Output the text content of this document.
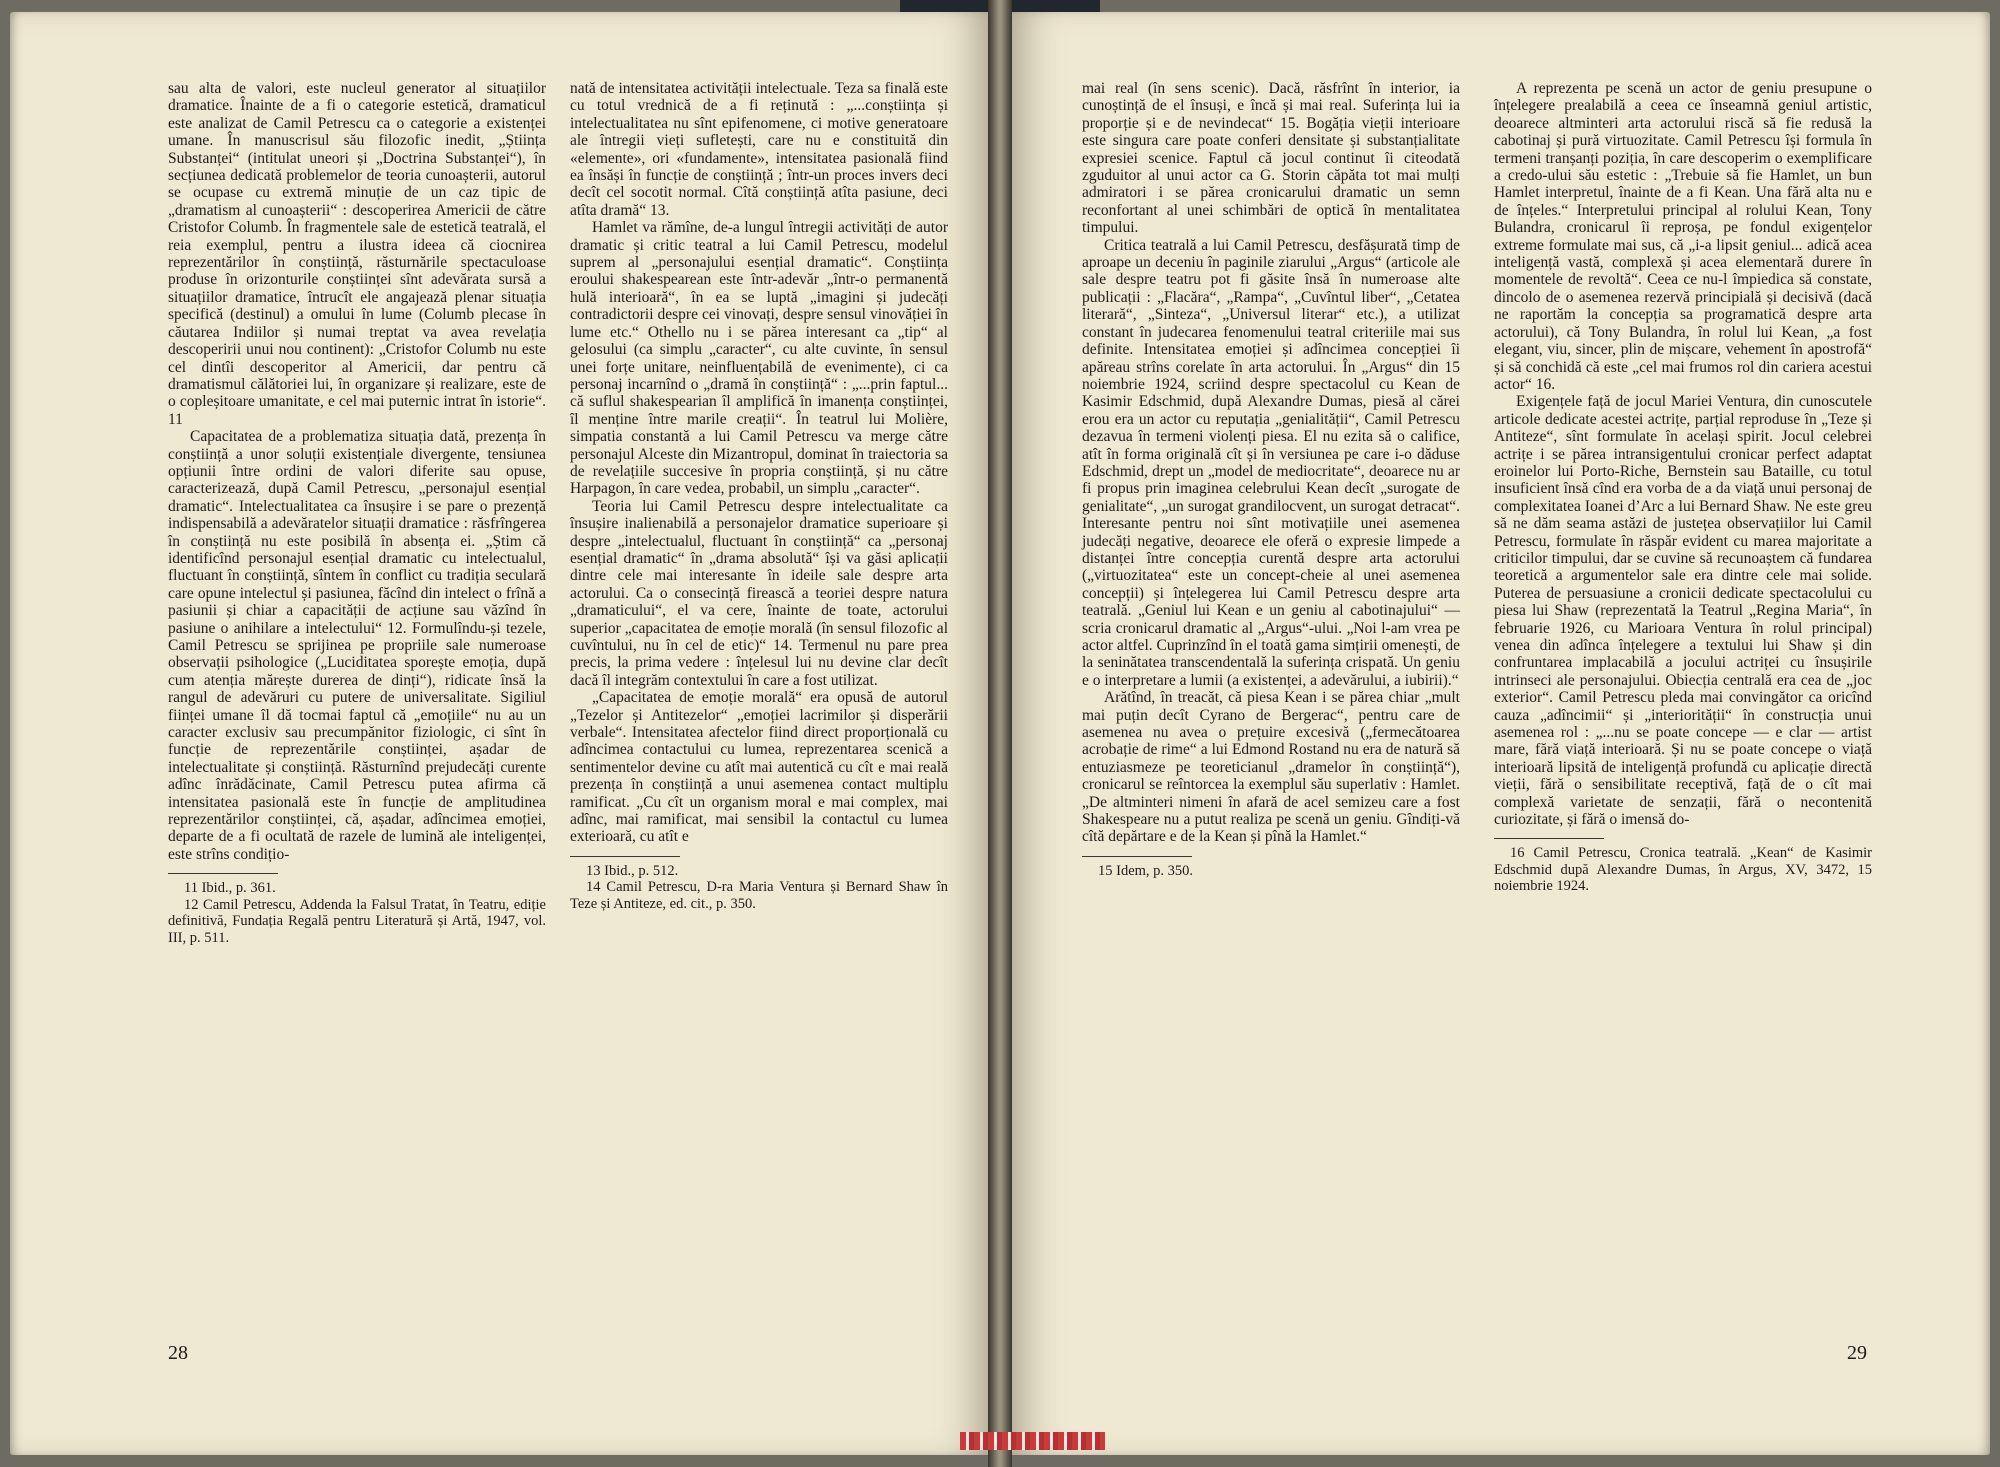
sau alta de valori, este nucleul generator al situațiilor dramatice. Înainte de a fi o categorie estetică, dramaticul este analizat de Camil Petrescu ca o categorie a existenței umane. În manuscrisul său filozofic inedit, „Știința Substanței“ (intitulat uneori și „Doctrina Substanței“), în secțiunea dedicată problemelor de teoria cunoașterii, autorul se ocupase cu extremă minuție de un caz tipic de „dramatism al cunoașterii“ : descoperirea Americii de către Cristofor Columb. În fragmentele sale de estetică teatrală, el reia exemplul, pentru a ilustra ideea că ciocnirea reprezentărilor în conștiință, răsturnările spectaculoase produse în orizonturile conștiinței sînt adevărata sursă a situațiilor dramatice, întrucît ele angajează plenar situația specifică (destinul) a omului în lume (Columb plecase în căutarea Indiilor și numai treptat va avea revelația descoperirii unui nou continent): „Cristofor Columb nu este cel dintîi descoperitor al Americii, dar pentru că dramatismul călătoriei lui, în organizare și realizare, este de o copleșitoare umanitate, e cel mai puternic intrat în istorie“. 11

Capacitatea de a problematiza situația dată, prezența în conștiință a unor soluții existențiale divergente, tensiunea opțiunii între ordini de valori diferite sau opuse, caracterizează, după Camil Petrescu, „personajul esențial dramatic“. Intelectualitatea ca însușire i se pare o prezență indispensabilă a adevăratelor situații dramatice : răsfrîngerea în conștiință nu este posibilă în absența ei. „Știm că identificînd personajul esențial dramatic cu intelectualul, fluctuant în conștiință, sîntem în conflict cu tradiția seculară care opune intelectul și pasiunea, făcînd din intelect o frînă a pasiunii și chiar a capacității de acțiune sau văzînd în pasiune o anihilare a intelectului“ 12. Formulîndu-și tezele, Camil Petrescu se sprijinea pe propriile sale numeroase observații psihologice („Luciditatea sporește emoția, după cum atenția mărește durerea de dinți“), ridicate însă la rangul de adevăruri cu putere de universalitate. Sigiliul ființei umane îl dă tocmai faptul că „emoțiile“ nu au un caracter exclusiv sau precumpănitor fiziologic, ci sînt în funcție de reprezentările conștiinței, așadar de intelectualitate și conștiință. Răsturnînd prejudecăți curente adînc înrădăcinate, Camil Petrescu putea afirma că intensitatea pasională este în funcție de amplitudinea reprezentărilor conștiinței, că, așadar, adîncimea emoției, departe de a fi ocultată de razele de lumină ale inteligenței, este strîns condițio-

11 Ibid., p. 361.

12 Camil Petrescu, Addenda la Falsul Tratat, în Teatru, ediție definitivă, Fundația Regală pentru Literatură și Artă, 1947, vol. III, p. 511.

nată de intensitatea activității intelectuale. Teza sa finală este cu totul vrednică de a fi reținută : „...conștiința și intelectualitatea nu sînt epifenomene, ci motive generatoare ale întregii vieți sufletești, care nu e constituită din «elemente», ori «fundamente», intensitatea pasională fiind ea însăși în funcție de conștiință ; într-un proces invers deci decît cel socotit normal. Cîtă conștiință atîta pasiune, deci atîta dramă“ 13.

Hamlet va rămîne, de-a lungul întregii activități de autor dramatic și critic teatral a lui Camil Petrescu, modelul suprem al „personajului esențial dramatic“. Conștiința eroului shakespearean este într-adevăr „într-o permanentă hulă interioară“, în ea se luptă „imagini și judecăți contradictorii despre cei vinovați, despre sensul vinovăției în lume etc.“ Othello nu i se părea interesant ca „tip“ al gelosului (ca simplu „caracter“, cu alte cuvinte, în sensul unei forțe unitare, neinfluențabilă de evenimente), ci ca personaj incarnînd o „dramă în conștiință“ : „...prin faptul... că suflul shakespearian îl amplifică în imanența conștiinței, îl menține între marile creații“. În teatrul lui Molière, simpatia constantă a lui Camil Petrescu va merge către personajul Alceste din Mizantropul, dominat în traiectoria sa de revelațiile succesive în propria conștiință, și nu către Harpagon, în care vedea, probabil, un simplu „caracter“.

Teoria lui Camil Petrescu despre intelectualitate ca însușire inalienabilă a personajelor dramatice superioare și despre „intelectualul, fluctuant în conștiință“ ca „personaj esențial dramatic“ în „drama absolută“ își va găsi aplicații dintre cele mai interesante în ideile sale despre arta actorului. Ca o consecință firească a teoriei despre natura „dramaticului“, el va cere, înainte de toate, actorului superior „capacitatea de emoție morală (în sensul filozofic al cuvîntului, nu în cel de etic)“ 14. Termenul nu pare prea precis, la prima vedere : înțelesul lui nu devine clar decît dacă îl integrăm contextului în care a fost utilizat.

„Capacitatea de emoție morală“ era opusă de autorul „Tezelor și Antitezelor“ „emoției lacrimilor și disperării verbale“. Intensitatea afectelor fiind direct proporțională cu adîncimea contactului cu lumea, reprezentarea scenică a sentimentelor devine cu atît mai autentică cu cît e mai reală prezența în conștiință a unui asemenea contact multiplu ramificat. „Cu cît un organism moral e mai complex, mai adînc, mai ramificat, mai sensibil la contactul cu lumea exterioară, cu atît e

13 Ibid., p. 512.

14 Camil Petrescu, D-ra Maria Ventura și Bernard Shaw în Teze și Antiteze, ed. cit., p. 350.

28

mai real (în sens scenic). Dacă, răsfrînt în interior, ia cunoștință de el însuși, e încă și mai real. Suferința lui ia proporție și e de nevindecat“ 15. Bogăția vieții interioare este singura care poate conferi densitate și substanțialitate expresiei scenice. Faptul că jocul continut îi citeodată zguduitor al unui actor ca G. Storin căpăta tot mai mulți admiratori i se părea cronicarului dramatic un semn reconfortant al unei schimbări de optică în mentalitatea timpului.

Critica teatrală a lui Camil Petrescu, desfășurată timp de aproape un deceniu în paginile ziarului „Argus“ (articole ale sale despre teatru pot fi găsite însă în numeroase alte publicații : „Flacăra“, „Rampa“, „Cuvîntul liber“, „Cetatea literară“, „Sinteza“, „Universul literar“ etc.), a utilizat constant în judecarea fenomenului teatral criteriile mai sus definite. Intensitatea emoției și adîncimea concepției îi apăreau strîns corelate în arta actorului. În „Argus“ din 15 noiembrie 1924, scriind despre spectacolul cu Kean de Kasimir Edschmid, după Alexandre Dumas, piesă al cărei erou era un actor cu reputația „genialității“, Camil Petrescu dezavua în termeni violenți piesa. El nu ezita să o califice, atît în forma originală cît și în versiunea pe care i-o dăduse Edschmid, drept un „model de mediocritate“, deoarece nu ar fi propus prin imaginea celebrului Kean decît „surogate de genialitate“, „un surogat grandilocvent, un surogat detracat“. Interesante pentru noi sînt motivațiile unei asemenea judecăți negative, deoarece ele oferă o expresie limpede a distanței între concepția curentă despre arta actorului („virtuozitatea“ este un concept-cheie al unei asemenea concepții) și înțelegerea lui Camil Petrescu despre arta teatrală. „Geniul lui Kean e un geniu al cabotinajului“ — scria cronicarul dramatic al „Argus“-ului. „Noi l-am vrea pe actor altfel. Cuprinzînd în el toată gama simțirii omenești, de la seninătatea transcendentală la suferința crispată. Un geniu e o interpretare a lumii (a existenței, a adevărului, a iubirii).“

Arătînd, în treacăt, că piesa Kean i se părea chiar „mult mai puțin decît Cyrano de Bergerac“, pentru care de asemenea nu avea o prețuire excesivă („fermecătoarea acrobație de rime“ a lui Edmond Rostand nu era de natură să entuziasmeze pe teoreticianul „dramelor în conștiință“), cronicarul se reîntorcea la exemplul său superlativ : Hamlet. „De altminteri nimeni în afară de acel semizeu care a fost Shakespeare nu a putut realiza pe scenă un geniu. Gîndiți-vă cîtă depărtare e de la Kean și pînă la Hamlet.“

15 Idem, p. 350.

A reprezenta pe scenă un actor de geniu presupune o înțelegere prealabilă a ceea ce înseamnă geniul artistic, deoarece altminteri arta actorului riscă să fie redusă la cabotinaj și pură virtuozitate. Camil Petrescu își formula în termeni tranșanți poziția, în care descoperim o exemplificare a credo-ului său estetic : „Trebuie să fie Hamlet, un bun Hamlet interpretul, înainte de a fi Kean. Una fără alta nu e de înțeles.“ Interpretului principal al rolului Kean, Tony Bulandra, cronicarul îi reproșa, pe fondul exigențelor extreme formulate mai sus, că „i-a lipsit geniul... adică acea inteligență vastă, complexă și acea elementară durere în momentele de revoltă“. Ceea ce nu-l împiedica să constate, dincolo de o asemenea rezervă principială și decisivă (dacă ne raportăm la concepția sa programatică despre arta actorului), că Tony Bulandra, în rolul lui Kean, „a fost elegant, viu, sincer, plin de mișcare, vehement în apostrofă“ și să conchidă că este „cel mai frumos rol din cariera acestui actor“ 16.

Exigențele față de jocul Mariei Ventura, din cunoscutele articole dedicate acestei actrițe, parțial reproduse în „Teze și Antiteze“, sînt formulate în același spirit. Jocul celebrei actrițe i se părea intransigentului cronicar perfect adaptat eroinelor lui Porto-Riche, Bernstein sau Bataille, cu totul insuficient însă cînd era vorba de a da viață unui personaj de complexitatea Ioanei d’Arc a lui Bernard Shaw. Ne este greu să ne dăm seama astăzi de justețea observațiilor lui Camil Petrescu, formulate în răspăr evident cu marea majoritate a criticilor timpului, dar se cuvine să recunoaștem că fundarea teoretică a argumentelor sale era dintre cele mai solide. Puterea de persuasiune a cronicii dedicate spectacolului cu piesa lui Shaw (reprezentată la Teatrul „Regina Maria“, în februarie 1926, cu Marioara Ventura în rolul principal) venea din adînca înțelegere a textului lui Shaw și din confruntarea implacabilă a jocului actriței cu însușirile intrinseci ale personajului. Obiecția centrală era cea de „joc exterior“. Camil Petrescu pleda mai convingător ca oricînd cauza „adîncimii“ și „interiorității“ în construcția unui asemenea rol : „...nu se poate concepe — e clar — artist mare, fără viață interioară. Și nu se poate concepe o viață interioară lipsită de inteligență profundă cu aplicație directă vieții, fără o sensibilitate receptivă, față de o cît mai complexă varietate de senzații, fără o necontenită curiozitate, și fără o imensă do-

16 Camil Petrescu, Cronica teatrală. „Kean“ de Kasimir Edschmid după Alexandre Dumas, în Argus, XV, 3472, 15 noiembrie 1924.

29
